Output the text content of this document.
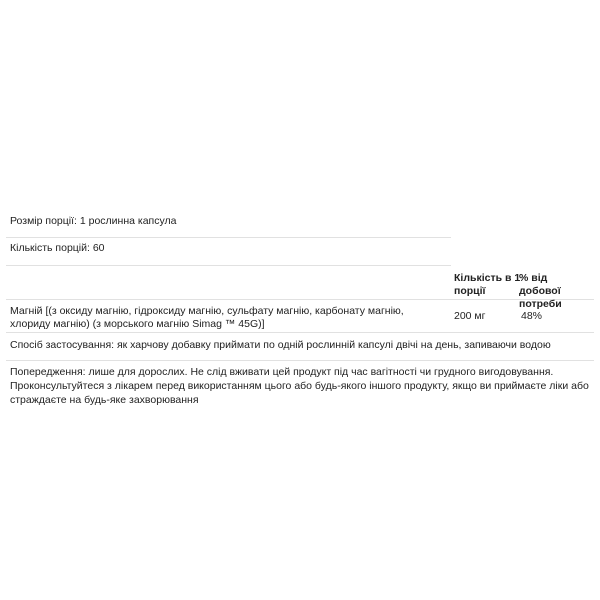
Розмір порції: 1 рослинна капсула
Кількість порцій: 60
Кількість в 1 порції
% від добової потреби
Магній [(з оксиду магнію, гідроксиду магнію, сульфату магнію, карбонату магнію, хлориду магнію) (з морського магнію Simag ™ 45G)]
200 мг	48%
Спосіб застосування: як харчову добавку приймати по одній рослинній капсулі двічі на день, запиваючи водою

Попередження: лише для дорослих. Не слід вживати цей продукт під час вагітності чи грудного вигодовування.

Проконсультуйтеся з лікарем перед використанням цього або будь-якого іншого продукту, якщо ви приймаєте ліки або страждаєте на будь-яке захворювання
